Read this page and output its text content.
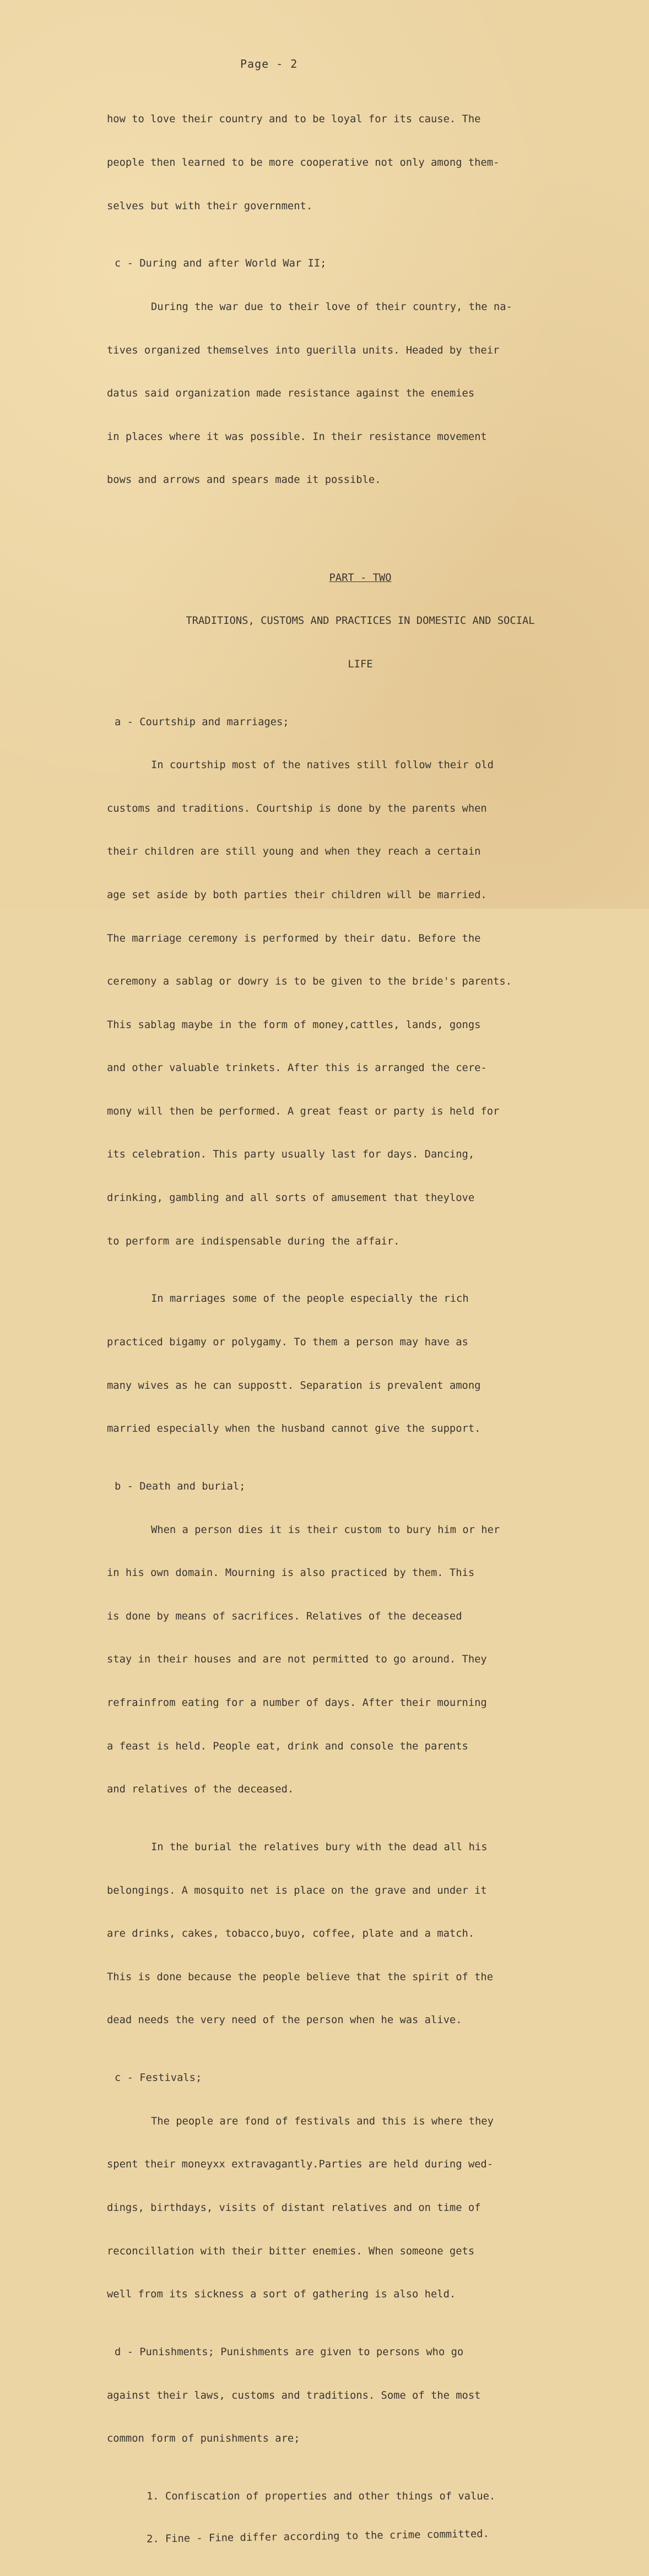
Page - 2

how to love their country and to be loyal for its cause. The

people then learned to be more cooperative not only among them-

selves but with their government.

c - During and after World War II;

During the war due to their love of their country, the na-

tives organized themselves into guerilla units. Headed by their

datus said organization made resistance against the enemies

in places where it was possible. In their resistance movement

bows and arrows and spears made it possible.

PART - TWO

TRADITIONS, CUSTOMS AND PRACTICES IN DOMESTIC AND SOCIAL

LIFE

a - Courtship and marriages;

In courtship most of the natives still follow their old

customs and traditions. Courtship is done by the parents when

their children are still young and when they reach a certain

age set aside by both parties their children will be married.

The marriage ceremony is performed by their datu. Before the

ceremony a sablag or dowry is to be given to the bride's parents.

This sablag maybe in the form of money,cattles, lands, gongs

and other valuable trinkets. After this is arranged the cere-

mony will then be performed. A great feast or party is held for

its celebration. This party usually last for days. Dancing,

drinking, gambling and all sorts of amusement that theylove

to perform are indispensable during the affair.

In marriages some of the people especially the rich

practiced bigamy or polygamy. To them a person may have as

many wives as he can suppostt. Separation is prevalent among

married especially when the husband cannot give the support.

b - Death and burial;

When a person dies it is their custom to bury him or her

in his own domain. Mourning is also practiced by them. This

is done by means of sacrifices. Relatives of the deceased

stay in their houses and are not permitted to go around. They

refrainfrom eating for a number of days. After their mourning

a feast is held. People eat, drink and console the parents

and relatives of the deceased.

In the burial the relatives bury with the dead all his

belongings. A mosquito net is place on the grave and under it

are drinks, cakes, tobacco,buyo, coffee, plate and a match.

This is done because the people believe that the spirit of the

dead needs the very need of the person when he was alive.

c - Festivals;

The people are fond of festivals and this is where they

spent their moneyxx extravagantly.Parties are held during wed-

dings, birthdays, visits of distant relatives and on time of

reconcillation with their bitter enemies. When someone gets

well from its sickness a sort of gathering is also held.

d - Punishments; Punishments are given to persons who go

against their laws, customs and traditions. Some of the most

common form of punishments are;

1. Confiscation of properties and other things of value.

2. Fine - Fine differ according to the crime committed.
